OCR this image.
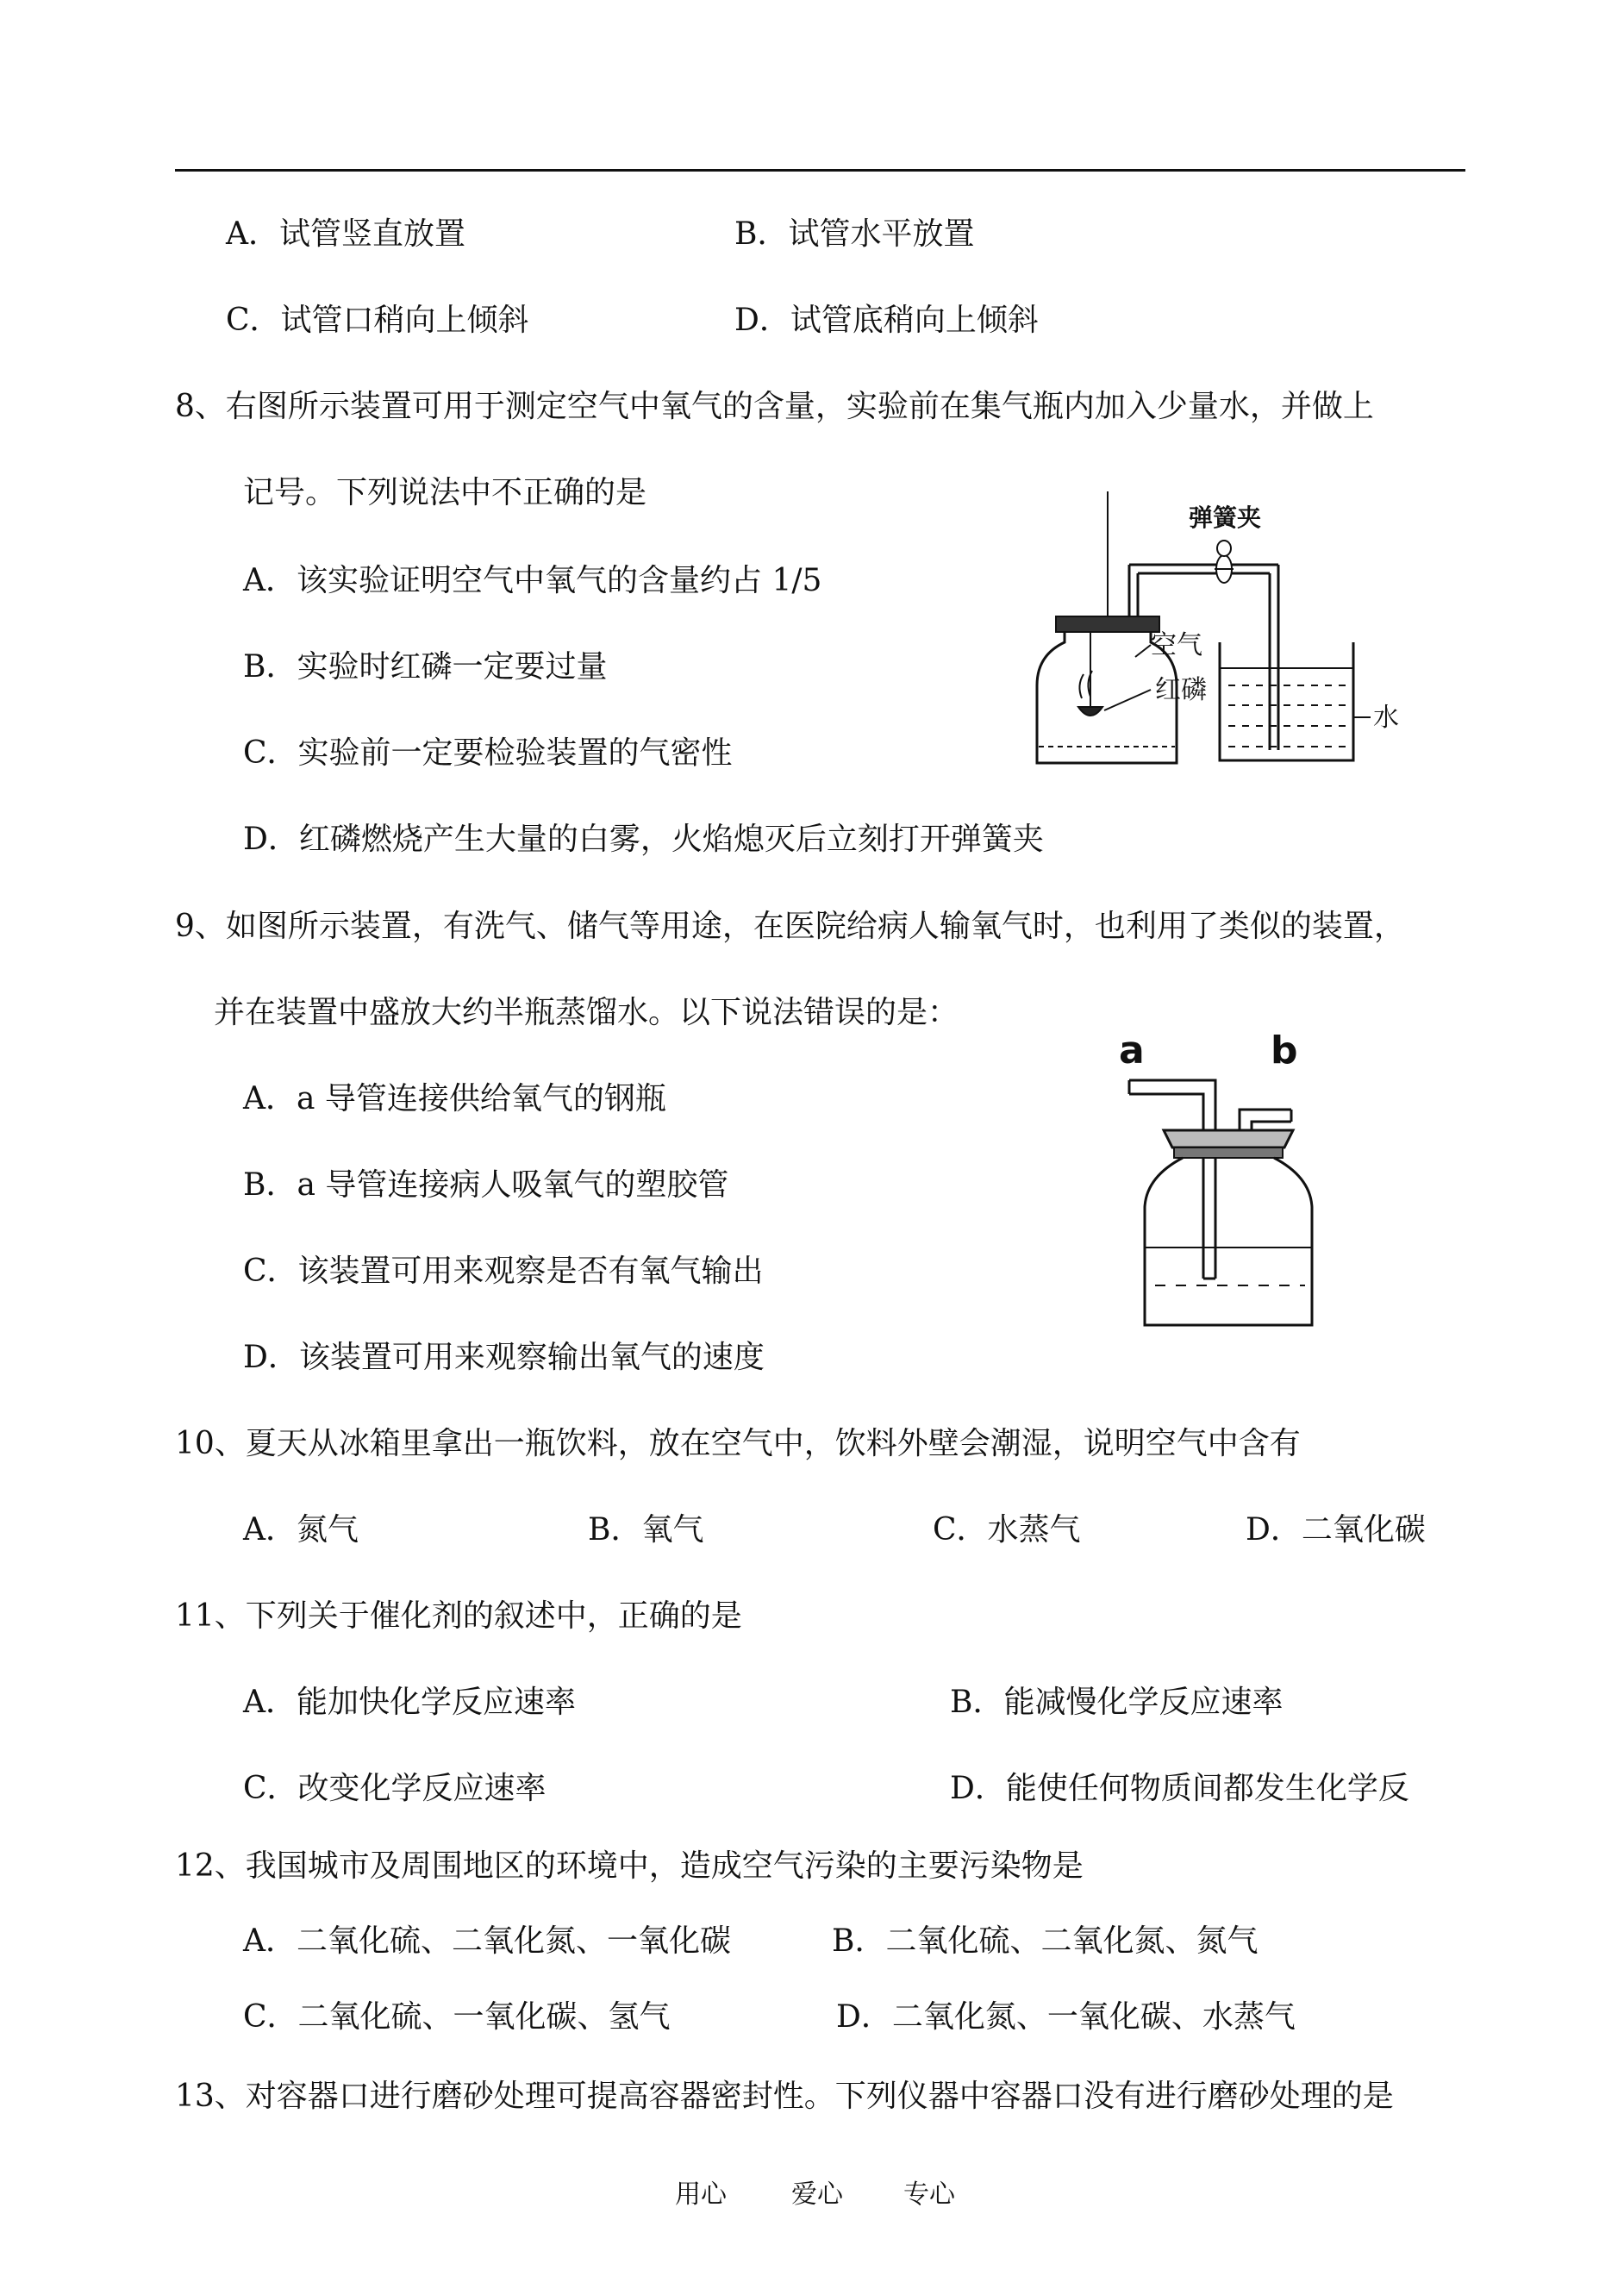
A．试管竖直放置	B．试管水平放置
C．试管口稍向上倾斜	D．试管底稍向上倾斜
8、右图所示装置可用于测定空气中氧气的含量，实验前在集气瓶内加入少量水，并做上
记号。下列说法中不正确的是
A．该实验证明空气中氧气的含量约占 1/5
B．实验时红磷一定要过量
C．实验前一定要检验装置的气密性
D．红磷燃烧产生大量的白雾，火焰熄灭后立刻打开弹簧夹
空气
红磷
弹簧夹
水
9、如图所示装置，有洗气、储气等用途，在医院给病人输氧气时，也利用了类似的装置，
并在装置中盛放大约半瓶蒸馏水。以下说法错误的是：
A．a 导管连接供给氧气的钢瓶
B．a 导管连接病人吸氧气的塑胶管
C．该装置可用来观察是否有氧气输出
D．该装置可用来观察输出氧气的速度
a	b
10、夏天从冰箱里拿出一瓶饮料，放在空气中，饮料外壁会潮湿，说明空气中含有
A．氮气	B．氧气	C．水蒸气	D．二氧化碳
11、下列关于催化剂的叙述中，正确的是
A．能加快化学反应速率	B．能减慢化学反应速率
C．改变化学反应速率	D．能使任何物质间都发生化学反
12、我国城市及周围地区的环境中，造成空气污染的主要污染物是
A．二氧化硫、二氧化氮、一氧化碳	B．二氧化硫、二氧化氮、氮气
C．二氧化硫、一氧化碳、氢气	D．二氧化氮、一氧化碳、水蒸气
13、对容器口进行磨砂处理可提高容器密封性。下列仪器中容器口没有进行磨砂处理的是
用心	爱心 专心
